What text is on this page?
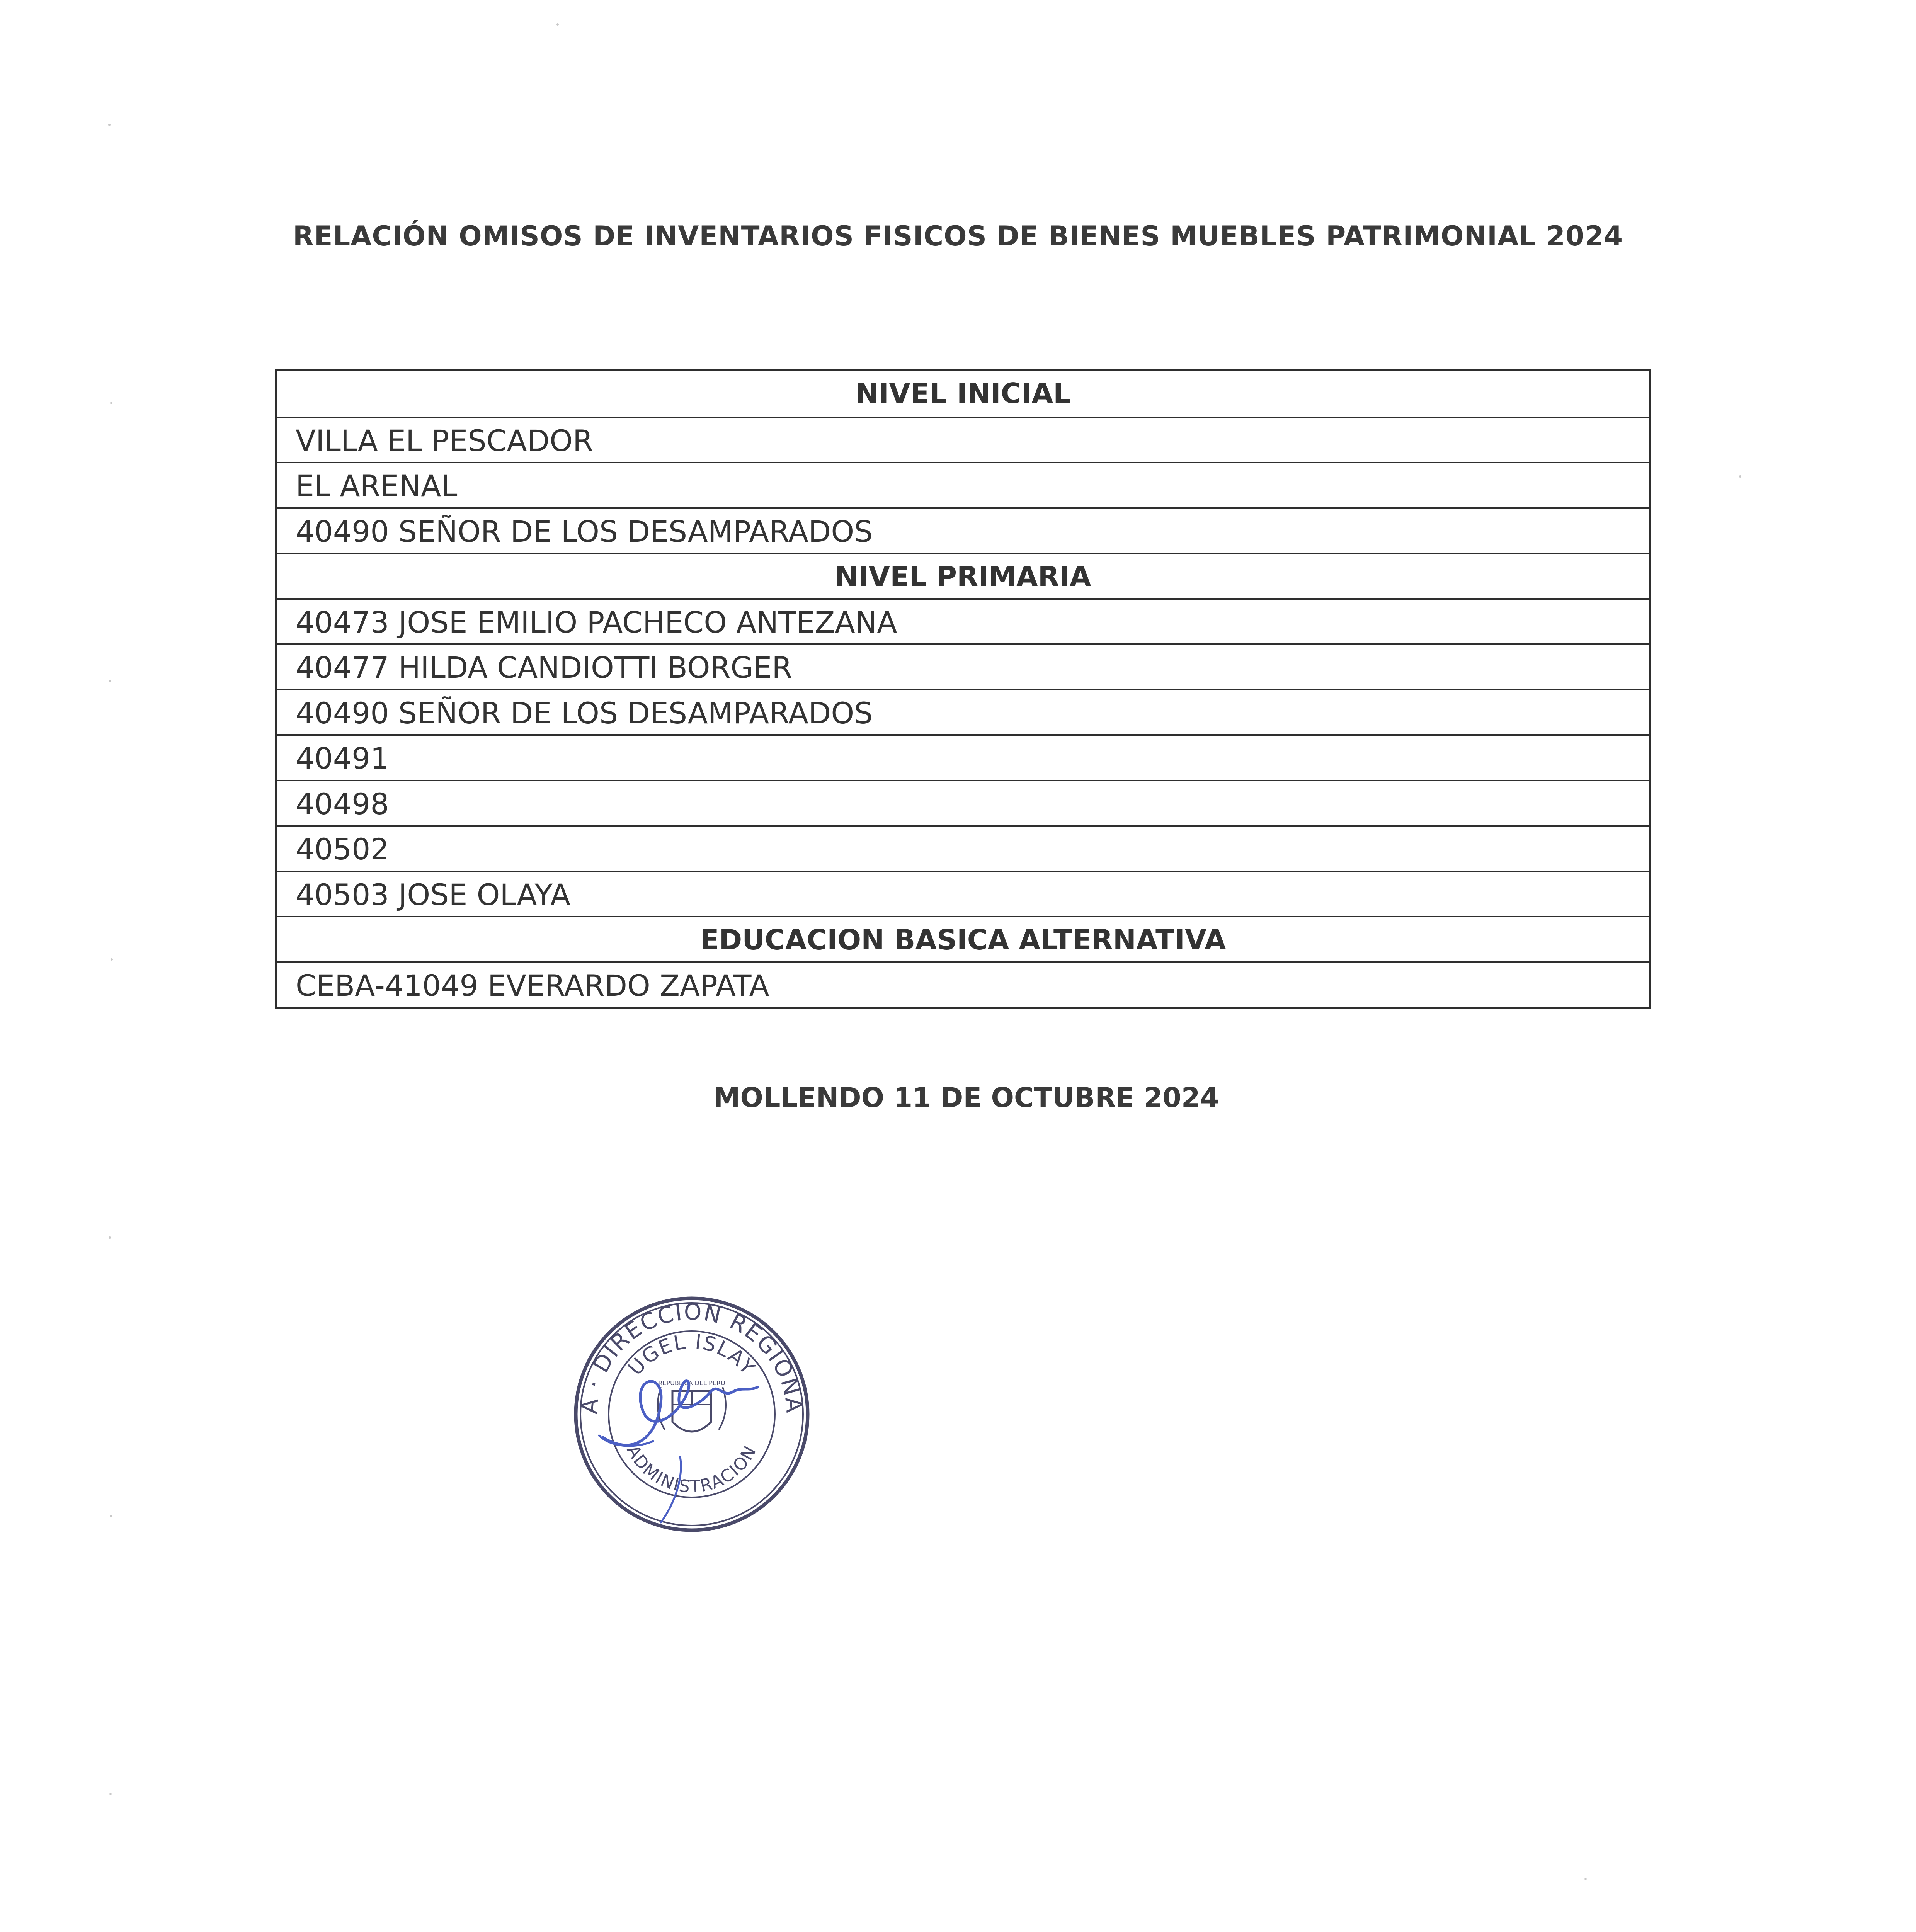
RELACIÓN OMISOS DE INVENTARIOS FISICOS DE BIENES MUEBLES PATRIMONIAL 2024
NIVEL INICIAL
VILLA EL PESCADOR
EL ARENAL
40490 SEÑOR DE LOS DESAMPARADOS
NIVEL PRIMARIA
40473 JOSE EMILIO PACHECO ANTEZANA
40477 HILDA CANDIOTTI BORGER
40490 SEÑOR DE LOS DESAMPARADOS
40491
40498
40502
40503 JOSE OLAYA
EDUCACION BASICA ALTERNATIVA
CEBA-41049 EVERARDO ZAPATA
MOLLENDO 11 DE OCTUBRE 2024
A · DIRECCION REGIONA
UGEL ISLAY
ADMINISTRACION
REPUBLICA DEL PERU
